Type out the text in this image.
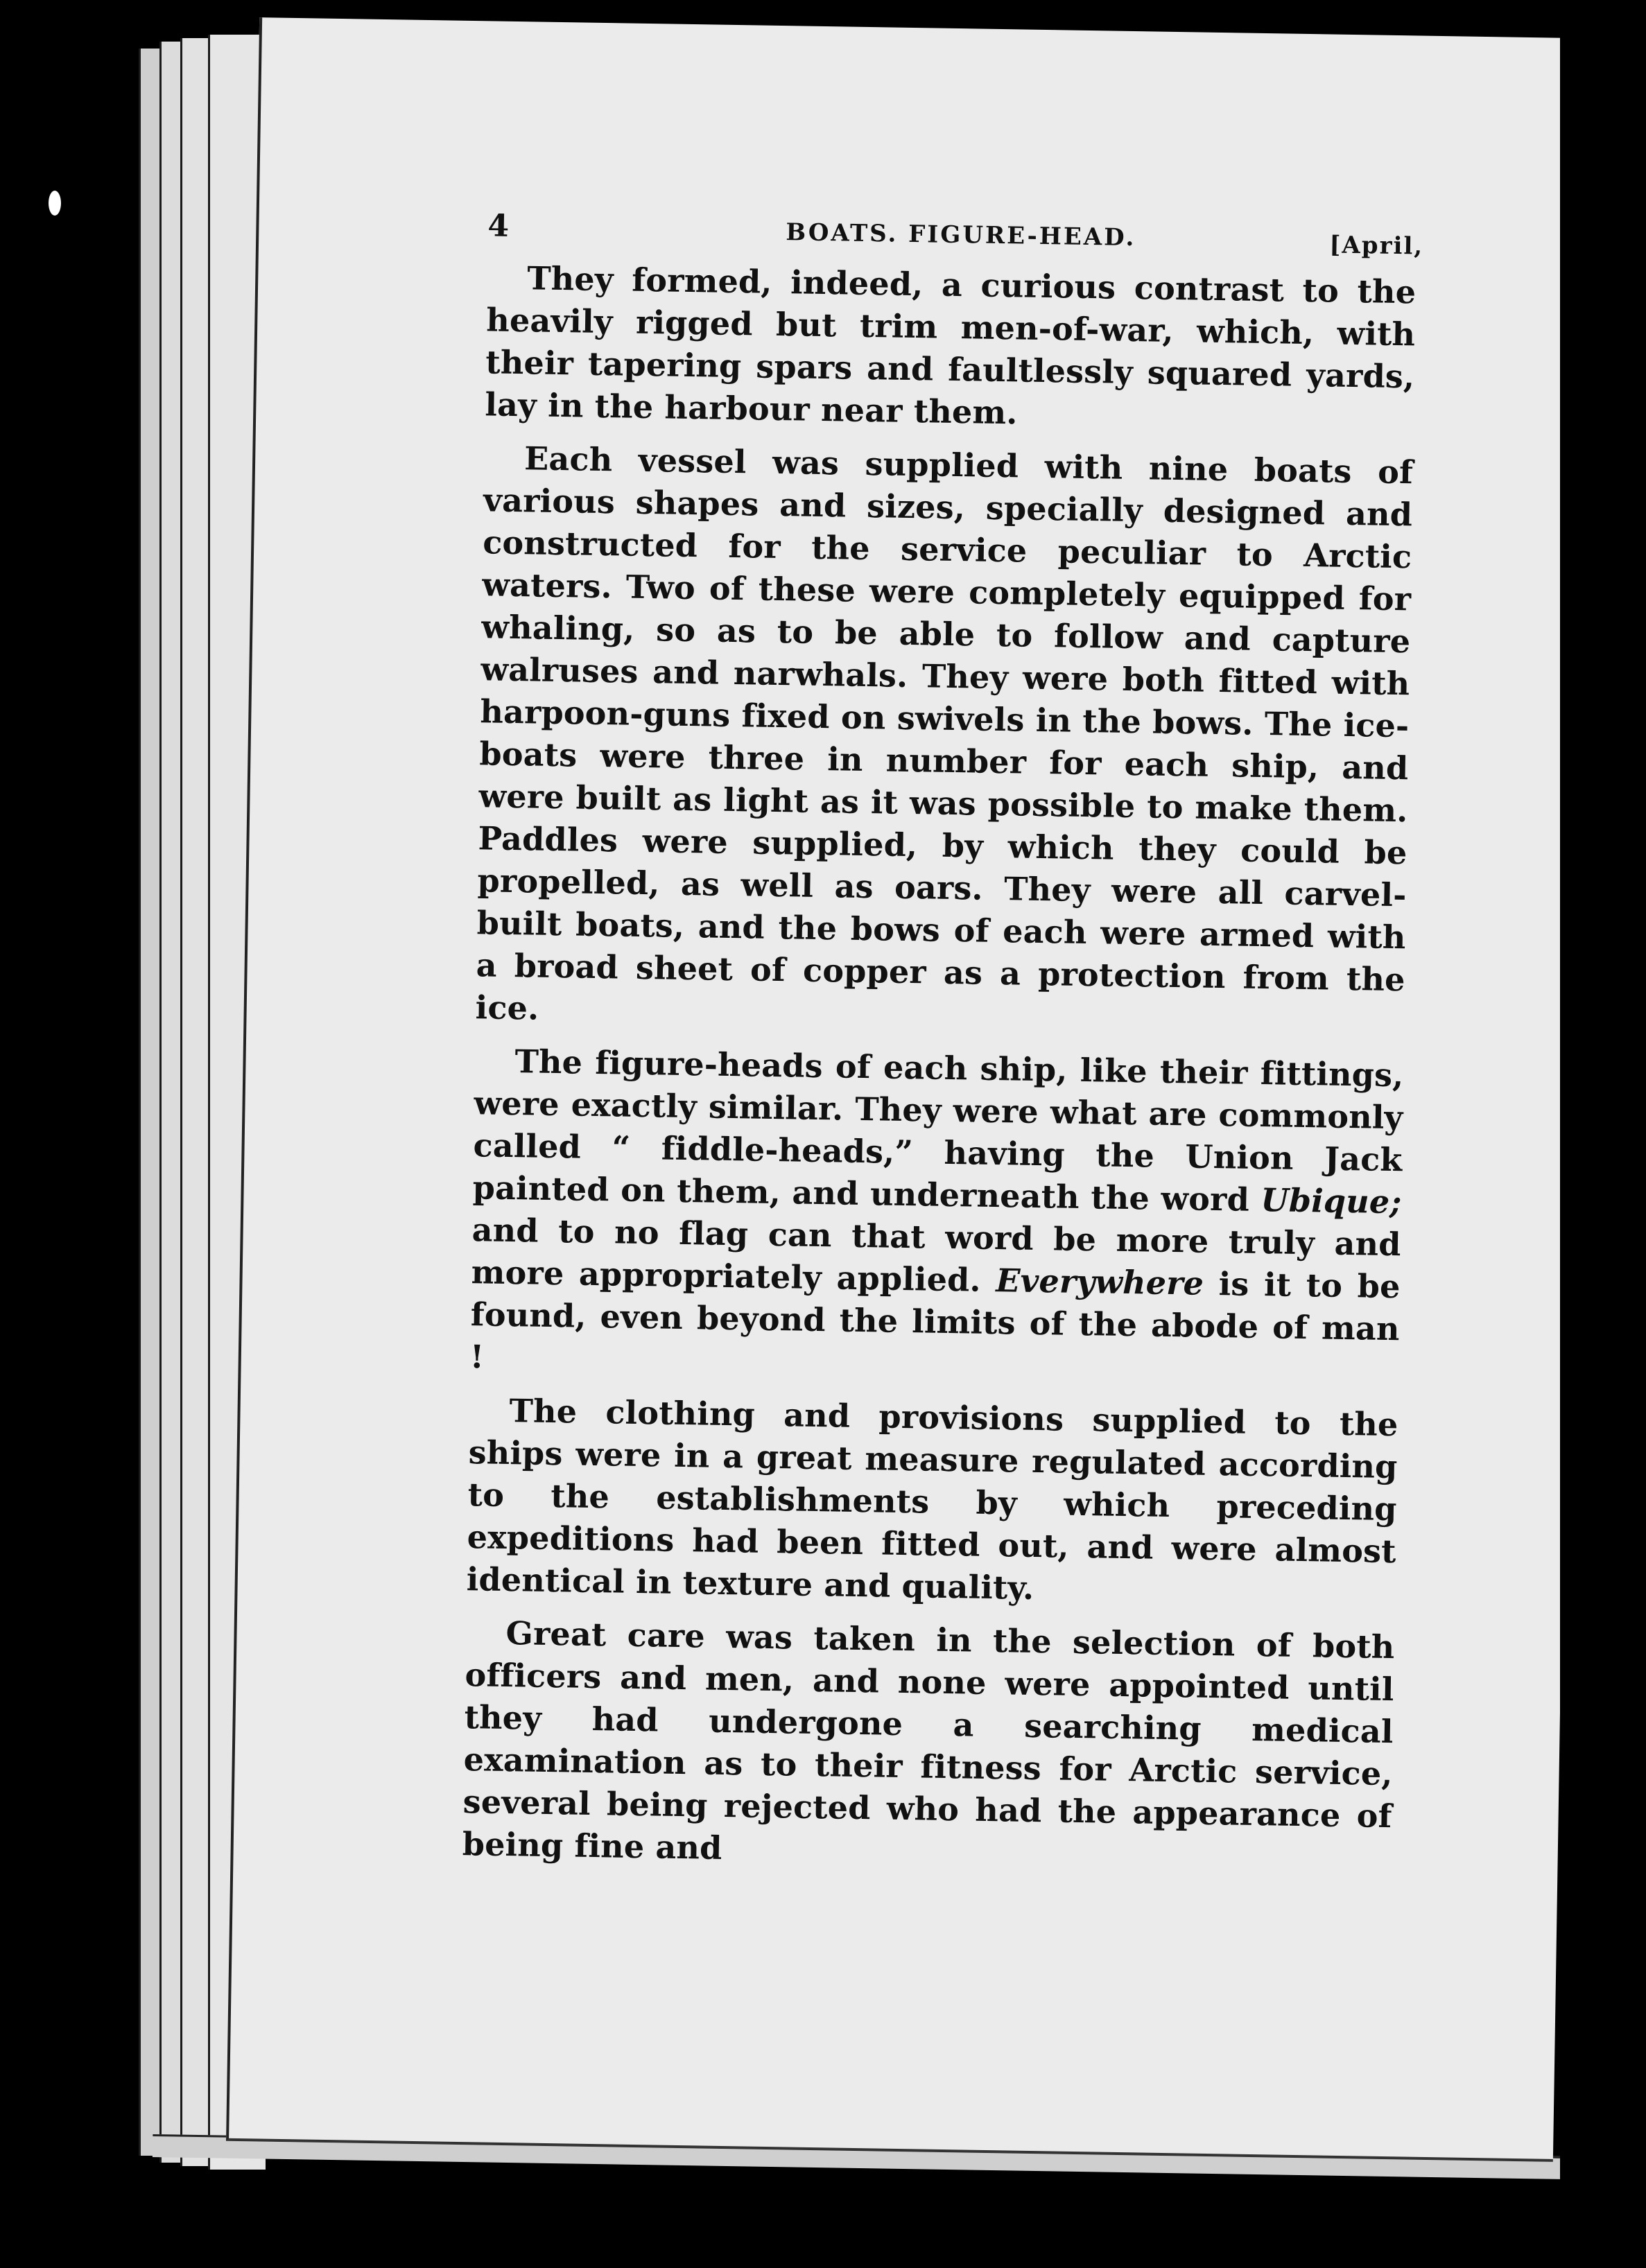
4	BOATS. FIGURE-HEAD.	[April,

They formed, indeed, a curious contrast to the heavily rigged but trim men-of-war, which, with their tapering spars and faultlessly squared yards, lay in the harbour near them.

Each vessel was supplied with nine boats of various shapes and sizes, specially designed and constructed for the service peculiar to Arctic waters. Two of these were completely equipped for whaling, so as to be able to follow and capture walruses and narwhals. They were both fitted with harpoon-guns fixed on swivels in the bows. The ice-boats were three in number for each ship, and were built as light as it was possible to make them. Paddles were supplied, by which they could be propelled, as well as oars. They were all carvel-built boats, and the bows of each were armed with a broad sheet of copper as a protection from the ice.

The figure-heads of each ship, like their fittings, were exactly similar. They were what are commonly called “ fiddle-heads,” having the Union Jack painted on them, and underneath the word Ubique; and to no flag can that word be more truly and more appropriately applied. Everywhere is it to be found, even beyond the limits of the abode of man !

The clothing and provisions supplied to the ships were in a great measure regulated according to the establishments by which preceding expeditions had been fitted out, and were almost identical in texture and quality.

Great care was taken in the selection of both officers and men, and none were appointed until they had undergone a searching medical examination as to their fitness for Arctic service, several being rejected who had the appearance of being fine and
